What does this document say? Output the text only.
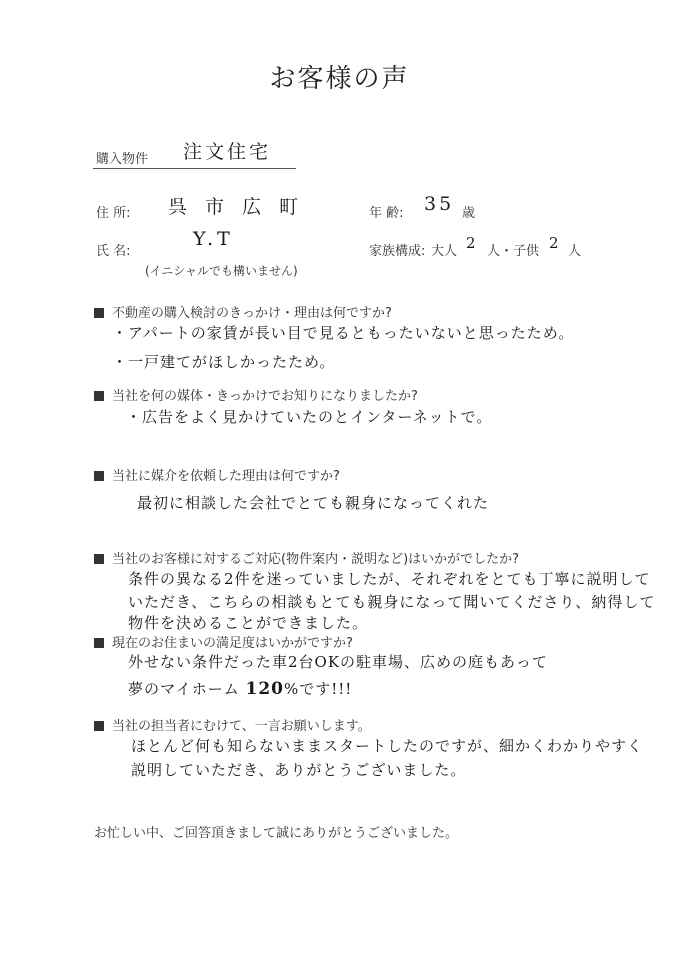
お客様の声
購入物件 注文住宅
住 所: 呉 市 広 町	年 齢: 35 歳
氏 名:
Y.T
(イニシャルでも構いません)
家族構成: 大人 2 人・子供 2 人
不動産の購入検討のきっかけ・理由は何ですか?
・アパートの家賃が長い目で見るともったいないと思ったため。
・一戸建てがほしかったため。
当社を何の媒体・きっかけでお知りになりましたか?
・広告をよく見かけていたのとインターネットで。
当社に媒介を依頼した理由は何ですか?
最初に相談した会社でとても親身になってくれた
当社のお客様に対するご対応(物件案内・説明など)はいかがでしたか?
条件の異なる2件を迷っていましたが、それぞれをとても丁寧に説明して
いただき、こちらの相談もとても親身になって聞いてくださり、納得して
物件を決めることができました。
現在のお住まいの満足度はいかがですか?
外せない条件だった車2台OKの駐車場、広めの庭もあって
夢のマイホーム 120%です!!!
当社の担当者にむけて、一言お願いします。
ほとんど何も知らないままスタートしたのですが、細かくわかりやすく
説明していただき、ありがとうございました。
お忙しい中、ご回答頂きまして誠にありがとうございました。
